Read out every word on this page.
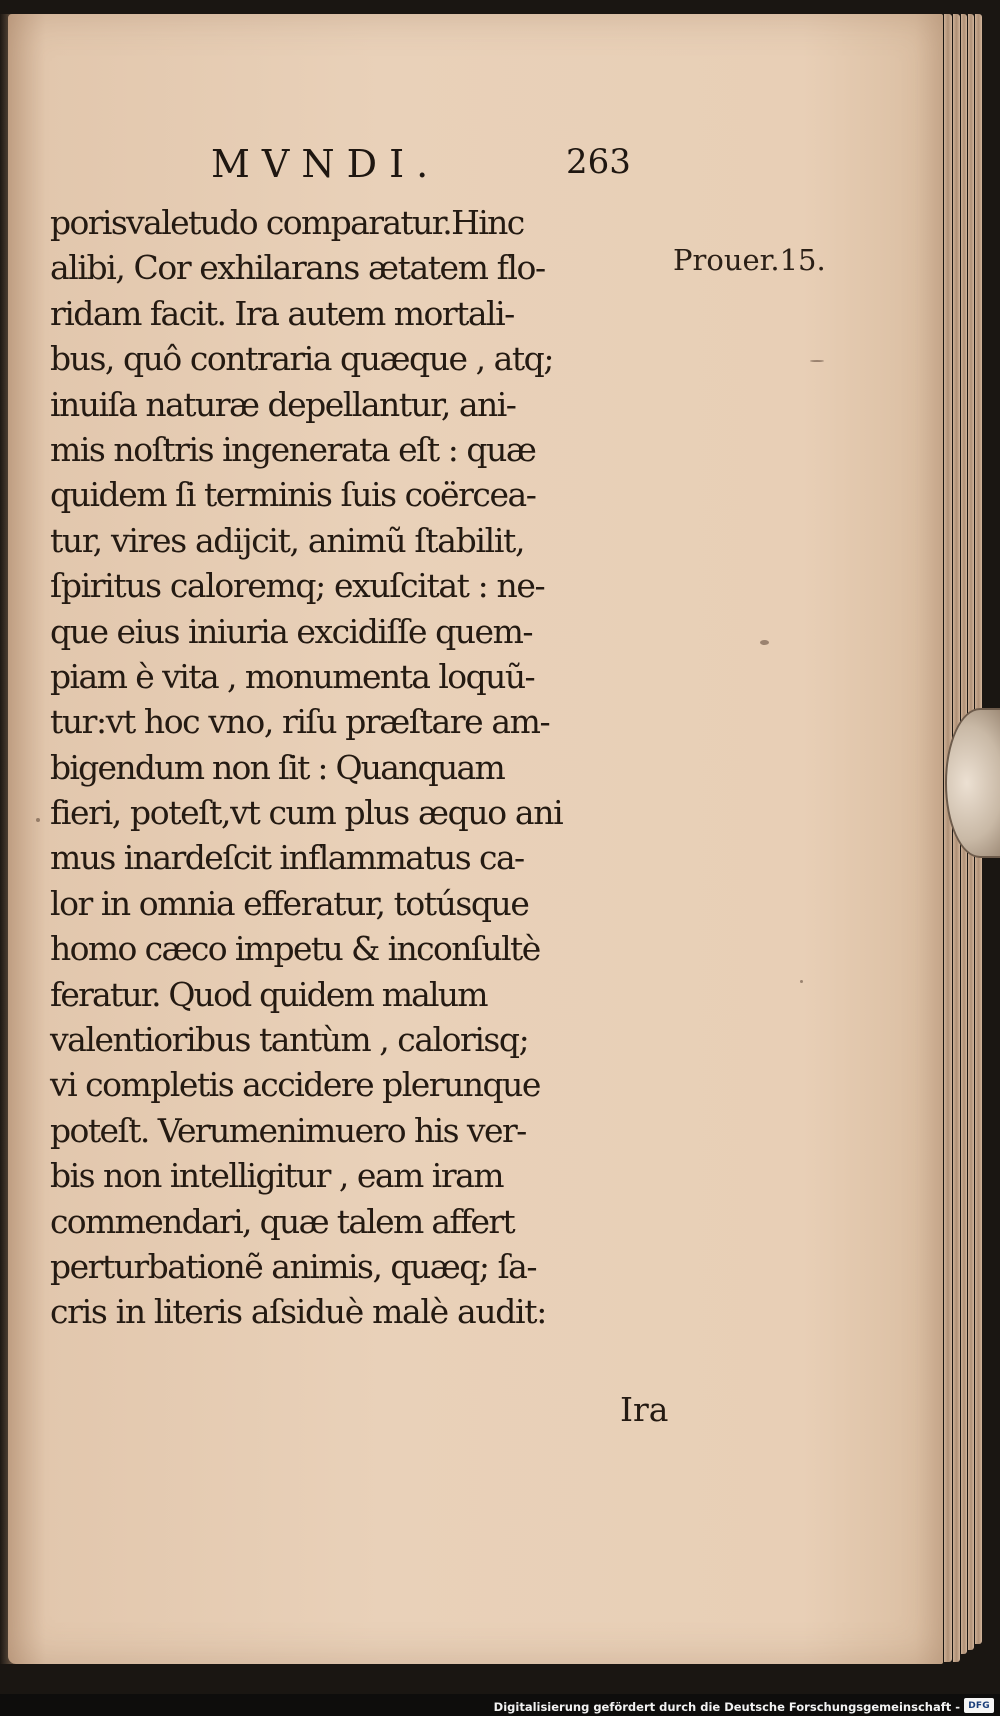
MVNDI.	263
Prouer.15.
porisvaletudo comparatur.Hinc
alibi, Cor exhilarans ætatem flo-
ridam facit. Ira autem mortali-
bus, quô contraria quæque , atq;
inuiſa naturæ depellantur, ani-
mis noſtris ingenerata eſt : quæ
quidem ſi terminis ſuis coërcea-
tur, vires adijcit, animũ ſtabilit,
ſpiritus caloremq; exuſcitat : ne-
que eius iniuria excidiſſe quem-
piam è vita , monumenta loquũ-
tur:vt hoc vno, riſu præſtare am-
bigendum non ſit : Quanquam
fieri, poteſt,vt cum plus æquo ani
mus inardeſcit inflammatus ca-
lor in omnia efferatur, totúsque
homo cæco impetu & inconſultè
feratur. Quod quidem malum
valentioribus tantùm , calorisq;
vi completis accidere plerunque
poteſt. Verumenimuero his ver-
bis non intelligitur , eam iram
commendari, quæ talem affert
perturbationẽ animis, quæq; ſa-
cris in literis aſsiduè malè audit:
Ira
Digitalisierung gefördert durch die Deutsche Forschungsgemeinschaft - DFG
